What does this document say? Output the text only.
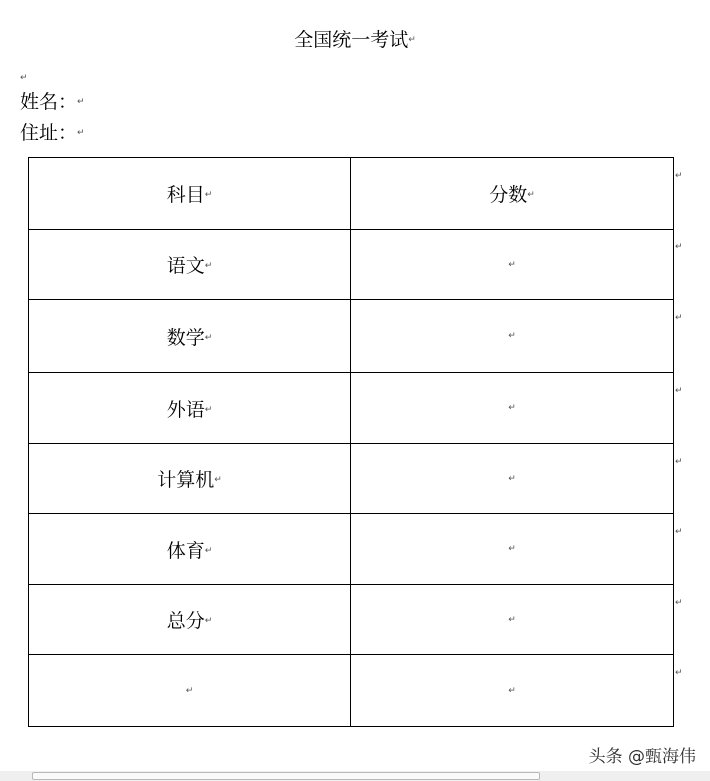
全国统一考试↵
↵
姓名：↵
住址：↵
科目↵	分数↵
语文↵	↵
数学↵	↵
外语↵	↵
计算机↵	↵
体育↵	↵
总分↵	↵
↵	↵
↵
↵
↵
↵
↵
↵
↵
↵
头条 @甄海伟
